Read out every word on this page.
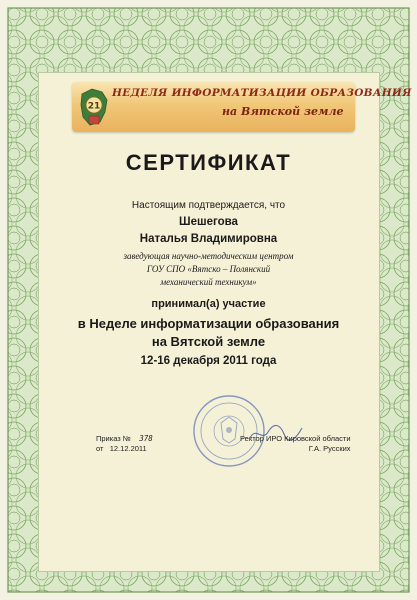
21
НЕДЕЛЯ ИНФОРМАТИЗАЦИИ ОБРАЗОВАНИЯ
на Вятской земле
СЕРТИФИКАТ
Настоящим подтверждается, что
Шешегова
Наталья Владимировна
заведующая научно-методическим центром
ГОУ СПО «Вятско – Полянский
механический техникум»
принимал(а) участие
в Неделе информатизации образования
на Вятской земле
12-16 декабря 2011 года
Приказ № 378
от 12.12.2011
Ректор ИРО Кировской области
Г.А. Русских
